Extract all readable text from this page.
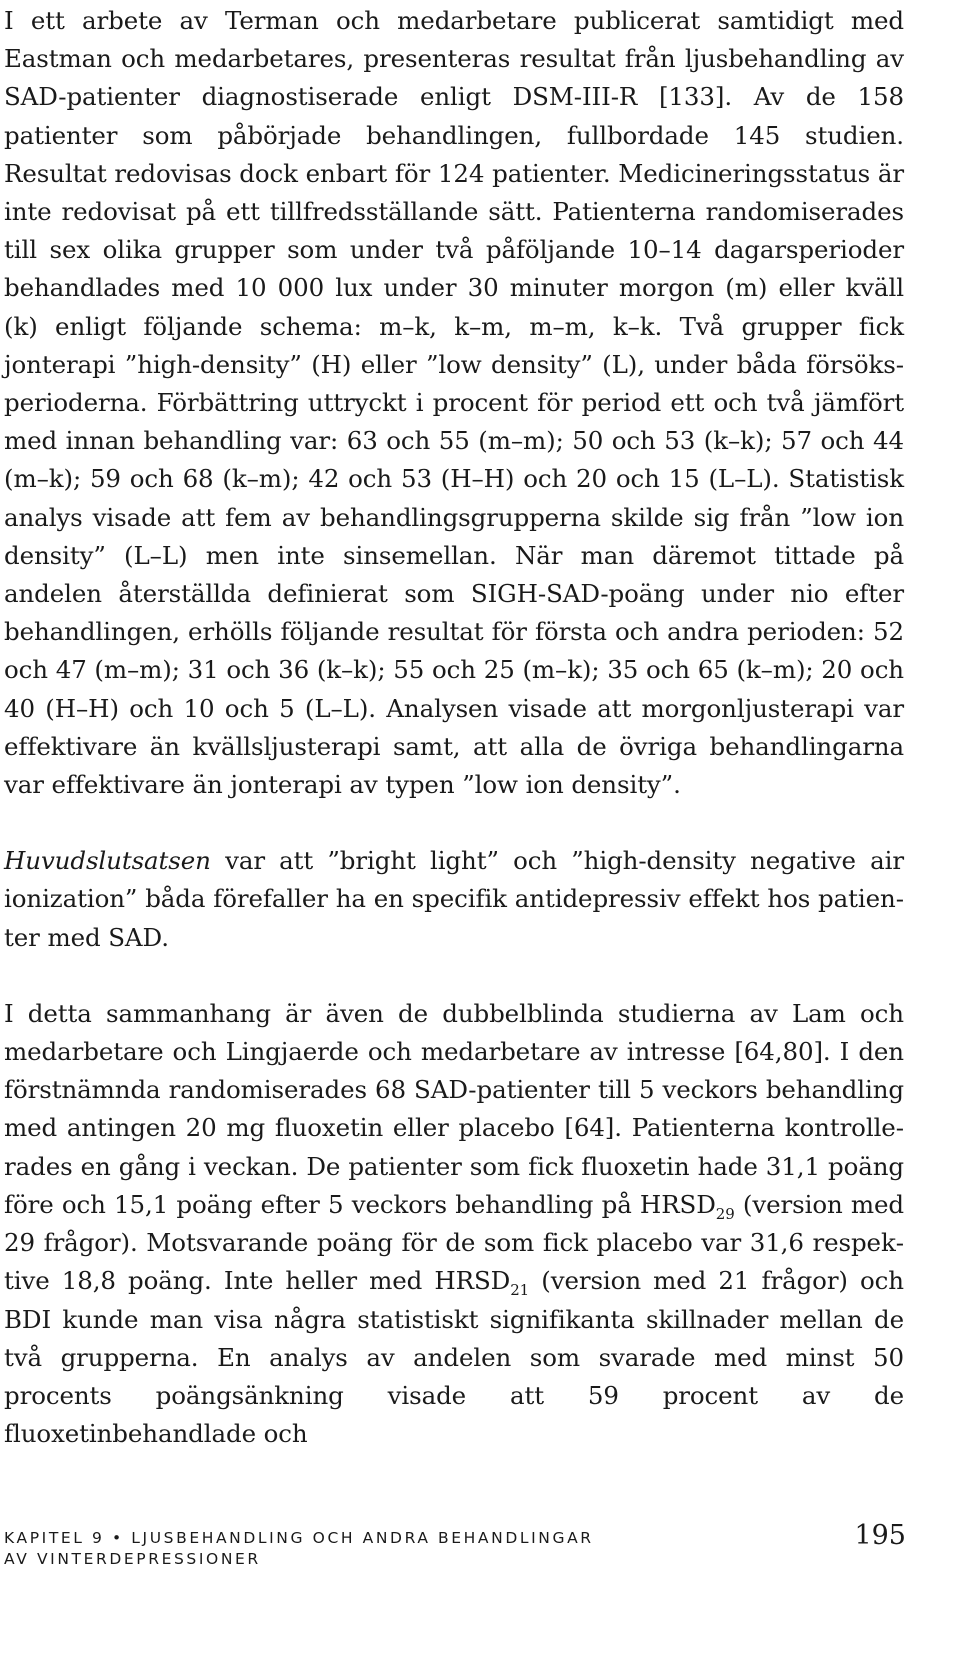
I ett arbete av Terman och medarbetare publicerat samtidigt med Eastman och medarbetares, presenteras resultat från ljusbehandling av SAD-patienter diagnostiserade enligt DSM-III-R [133]. Av de 158 patienter som påbörjade behandlingen, fullbordade 145 studien. Resultat redovisas dock enbart för 124 patienter. Medicineringsstatus är inte redovisat på ett tillfredsställande sätt. Patienterna randomiserades till sex olika grupper som under två påföljande 10–14 dagarsperioder behandlades med 10 000 lux under 30 minuter morgon (m) eller kväll (k) enligt följande schema: m–k, k–m, m–m, k–k. Två grupper fick jonterapi ”high-density” (H) eller ”low density” (L), under båda försöksperioderna. Förbättring uttryckt i procent för period ett och två jämfört med innan behandling var: 63 och 55 (m–m); 50 och 53 (k–k); 57 och 44 (m–k); 59 och 68 (k–m); 42 och 53 (H–H) och 20 och 15 (L–L). Statistisk analys visade att fem av behandlingsgrupperna skilde sig från ”low ion density” (L–L) men inte sinsemellan. När man däremot tittade på andelen återställda definierat som SIGH-SAD-poäng under nio efter behandlingen, erhölls följande resultat för första och andra perioden: 52 och 47 (m–m); 31 och 36 (k–k); 55 och 25 (m–k); 35 och 65 (k–m); 20 och 40 (H–H) och 10 och 5 (L–L). Analysen visade att morgonljusterapi var effektivare än kvällsljusterapi samt, att alla de övriga behandlingarna var effektivare än jonterapi av typen ”low ion density”.

Huvudslutsatsen var att ”bright light” och ”high-density negative air ionization” båda förefaller ha en specifik antidepressiv effekt hos patienter med SAD.

I detta sammanhang är även de dubbelblinda studierna av Lam och medarbetare och Lingjaerde och medarbetare av intresse [64,80]. I den förstnämnda randomiserades 68 SAD-patienter till 5 veckors behandling med antingen 20 mg fluoxetin eller placebo [64]. Patienterna kontrollerades en gång i veckan. De patienter som fick fluoxetin hade 31,1 poäng före och 15,1 poäng efter 5 veckors behandling på $HRSD_{29}$ (version med 29 frågor). Motsvarande poäng för de som fick placebo var 31,6 respektive 18,8 poäng. Inte heller med $HRSD_{21}$ (version med 21 frågor) och BDI kunde man visa några statistiskt signifikanta skillnader mellan de två grupperna. En analys av andelen som svarade med minst 50 procents poängsänkning visade att 59 procent av de fluoxetinbehandlade och

KAPITEL 9 • LJUSBEHANDLING OCH ANDRA BEHANDLINGAR
AV VINTERDEPRESSIONER
195
